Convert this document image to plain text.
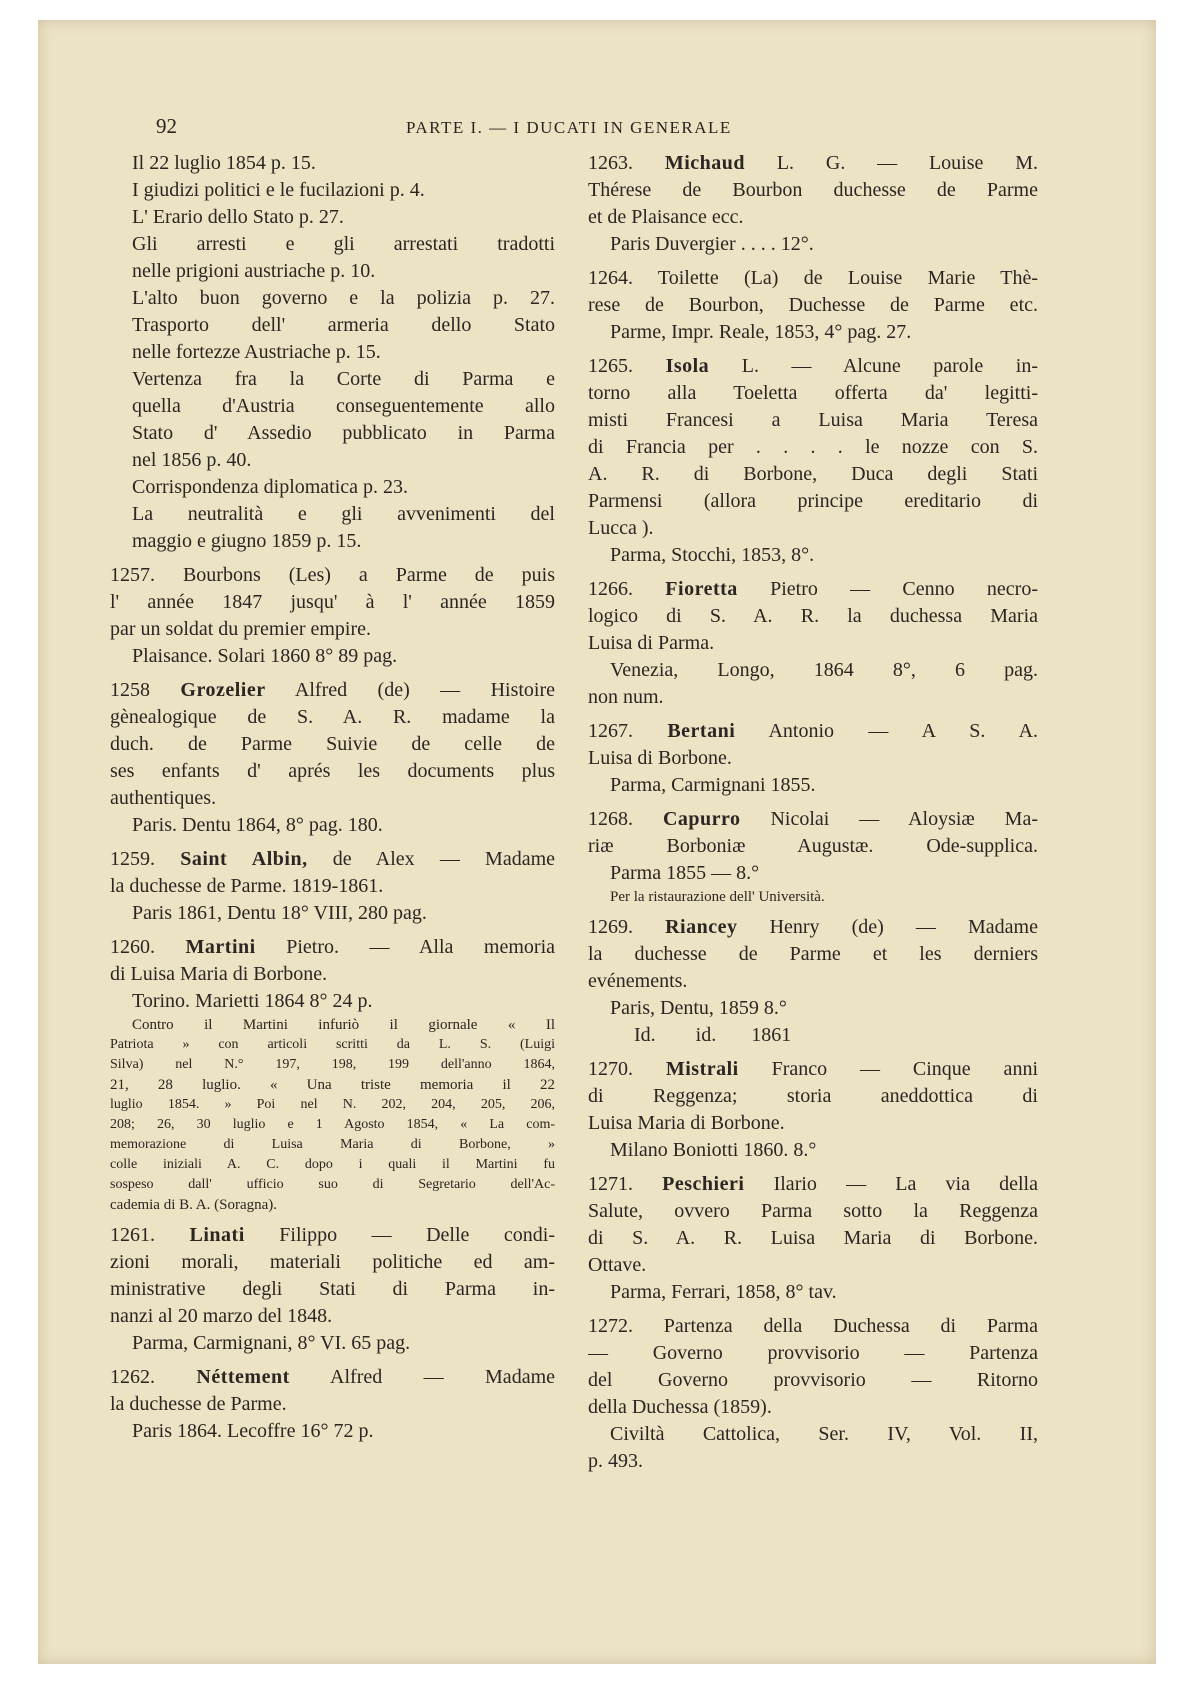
92	PARTE I. — I DUCATI IN GENERALE
Il 22 luglio 1854 p. 15.
I giudizi politici e le fucilazioni p. 4.
L' Erario dello Stato p. 27.
Gli arresti e gli arrestati tradotti
nelle prigioni austriache p. 10.
L'alto buon governo e la polizia p. 27.
Trasporto dell' armeria dello Stato
nelle fortezze Austriache p. 15.
Vertenza fra la Corte di Parma e
quella d'Austria conseguentemente allo
Stato d' Assedio pubblicato in Parma
nel 1856 p. 40.
Corrispondenza diplomatica p. 23.
La neutralità e gli avvenimenti del
maggio e giugno 1859 p. 15.
1257. Bourbons (Les) a Parme de puis
l' année 1847 jusqu' à l' année 1859
par un soldat du premier empire.
Plaisance. Solari 1860 8° 89 pag.
1258 Grozelier Alfred (de) — Histoire
gènealogique de S. A. R. madame la
duch. de Parme Suivie de celle de
ses enfants d' aprés les documents plus
authentiques.
Paris. Dentu 1864, 8° pag. 180.
1259. Saint Albin, de Alex — Madame
la duchesse de Parme. 1819-1861.
Paris 1861, Dentu 18° VIII, 280 pag.
1260. Martini Pietro. — Alla memoria
di Luisa Maria di Borbone.
Torino. Marietti 1864 8° 24 p.
Contro il Martini infuriò il giornale « Il
Patriota » con articoli scritti da L. S. (Luigi
Silva) nel N.° 197, 198, 199 dell'anno 1864,
21, 28 luglio. « Una triste memoria il 22
luglio 1854. » Poi nel N. 202, 204, 205, 206,
208; 26, 30 luglio e 1 Agosto 1854, « La com-
memorazione di Luisa Maria di Borbone, »
colle iniziali A. C. dopo i quali il Martini fu
sospeso dall' ufficio suo di Segretario dell'Ac-
cademia di B. A. (Soragna).
1261. Linati Filippo — Delle condi-
zioni morali, materiali politiche ed am-
ministrative degli Stati di Parma in-
nanzi al 20 marzo del 1848.
Parma, Carmignani, 8° VI. 65 pag.
1262. Néttement Alfred — Madame
la duchesse de Parme.
Paris 1864. Lecoffre 16° 72 p.
1263. Michaud L. G. — Louise M.
Thérese de Bourbon duchesse de Parme
et de Plaisance ecc.
Paris Duvergier . . . . 12°.
1264. Toilette (La) de Louise Marie Thè-
rese de Bourbon, Duchesse de Parme etc.
Parme, Impr. Reale, 1853, 4° pag. 27.
1265. Isola L. — Alcune parole in-
torno alla Toeletta offerta da' legitti-
misti Francesi a Luisa Maria Teresa
di Francia per . . . . le nozze con S.
A. R. di Borbone, Duca degli Stati
Parmensi (allora principe ereditario di
Lucca ).
Parma, Stocchi, 1853, 8°.
1266. Fioretta Pietro — Cenno necro-
logico di S. A. R. la duchessa Maria
Luisa di Parma.
Venezia, Longo, 1864 8°, 6 pag.
non num.
1267. Bertani Antonio — A S. A.
Luisa di Borbone.
Parma, Carmignani 1855.
1268. Capurro Nicolai — Aloysiæ Ma-
riæ Borboniæ Augustæ. Ode-supplica.
Parma 1855 — 8.°
Per la ristaurazione dell' Università.
1269. Riancey Henry (de) — Madame
la duchesse de Parme et les derniers
evénements.
Paris, Dentu, 1859 8.°
Id.        id.       1861
1270. Mistrali Franco — Cinque anni
di Reggenza; storia aneddottica di
Luisa Maria di Borbone.
Milano Boniotti 1860. 8.°
1271. Peschieri Ilario — La via della
Salute, ovvero Parma sotto la Reggenza
di S. A. R. Luisa Maria di Borbone.
Ottave.
Parma, Ferrari, 1858, 8° tav.
1272. Partenza della Duchessa di Parma
— Governo provvisorio — Partenza
del Governo provvisorio — Ritorno
della Duchessa (1859).
Civiltà Cattolica, Ser. IV, Vol. II,
p. 493.
